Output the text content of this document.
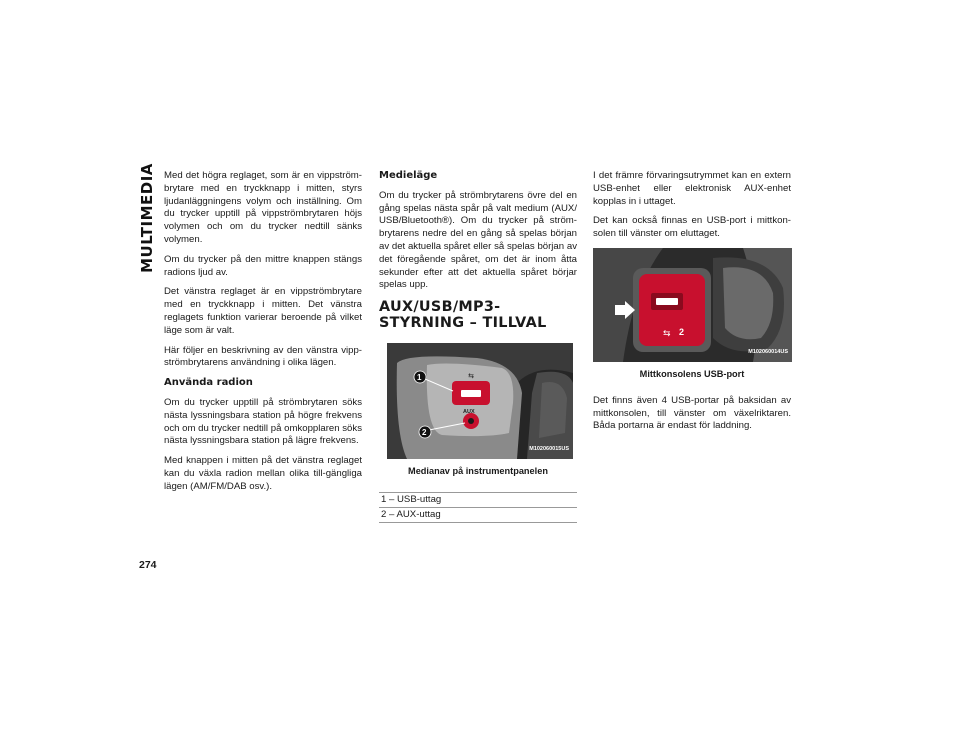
MULTIMEDIA Med det högra reglaget, som är en vippström-brytare med en tryckknapp i mitten, styrs ljudanläggningens volym och inställning. Om du trycker upptill på vippströmbrytaren höjs volymen och om du trycker nedtill sänks volymen.

Om du trycker på den mittre knappen stängs radions ljud av.

Det vänstra reglaget är en vippströmbrytare med en tryckknapp i mitten. Det vänstra reglagets funktion varierar beroende på vilket läge som är valt.

Här följer en beskrivning av den vänstra vipp-strömbrytarens användning i olika lägen.

Använda radion

Om du trycker upptill på strömbrytaren söks nästa lyssningsbara station på högre frekvens och om du trycker nedtill på omkopplaren söks nästa lyssningsbara station på lägre frekvens.

Med knappen i mitten på det vänstra reglaget kan du växla radion mellan olika till-gängliga lägen (AM/FM/DAB osv.).

Medieläge

Om du trycker på strömbrytarens övre del en gång spelas nästa spår på valt medium (AUX/ USB/Bluetooth®). Om du trycker på ström-brytarens nedre del en gång så spelas början av det aktuella spåret eller så spelas början av det föregående spåret, om det är inom åtta sekunder efter att det aktuella spåret börjar spelas upp.

AUX/USB/MP3-STYRNING – TILLVAL
⇆
1
2
AUX
M102060015US
Medianav på instrumentpanelen
1 – USB-uttag
2 – AUX-uttag

I det främre förvaringsutrymmet kan en extern USB-enhet eller elektronisk AUX-enhet kopplas in i uttaget.

Det kan också finnas en USB-port i mittkon-solen till vänster om eluttaget.

⇆ 2
M102060014US
Mittkonsolens USB-port

Det finns även 4 USB-portar på baksidan av mittkonsolen, till vänster om växelriktaren. Båda portarna är endast för laddning.

274
